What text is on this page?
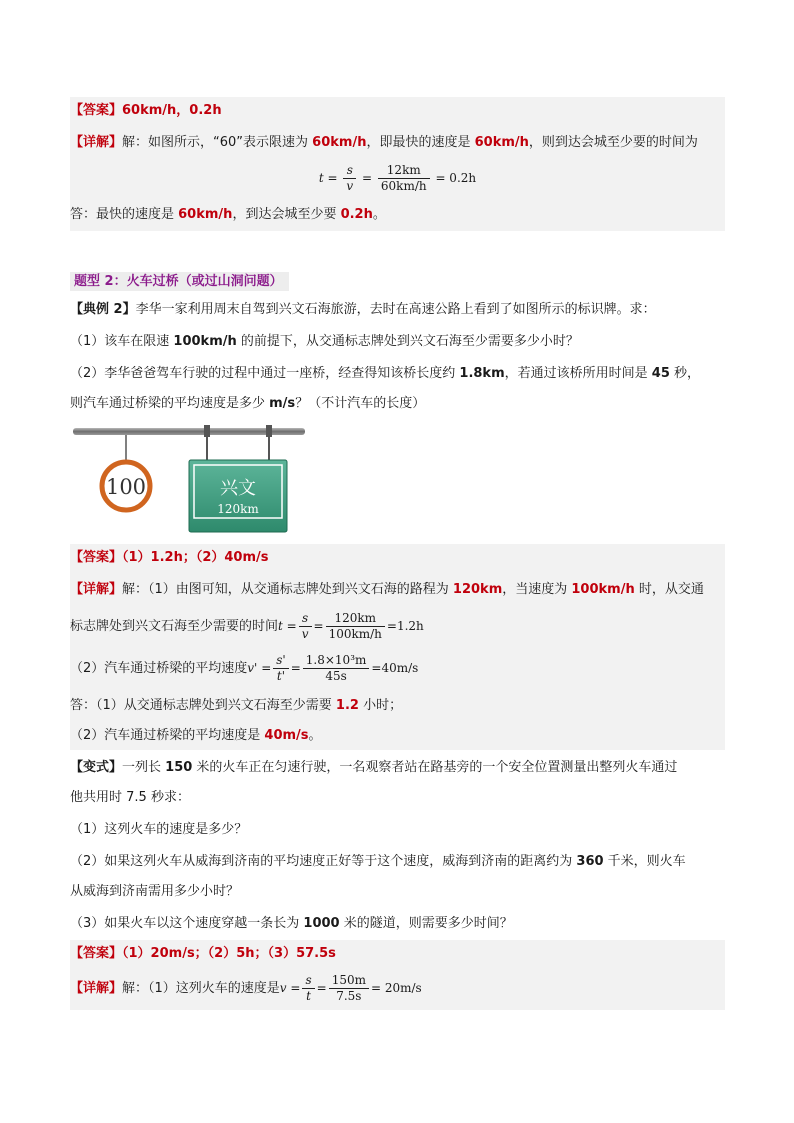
【答案】60km/h，0.2h
【详解】解：如图所示，“60”表示限速为 60km/h，即最快的速度是 60km/h，则到达会城至少要的时间为
$t = \frac{s}{v} = \frac{12km}{60km/h} = 0.2h$
答：最快的速度是 60km/h，到达会城至少要 0.2h。
题型 2：火车过桥（或过山洞问题）
【典例 2】李华一家利用周末自驾到兴文石海旅游，去时在高速公路上看到了如图所示的标识牌。求：
（1）该车在限速 100km/h 的前提下，从交通标志牌处到兴文石海至少需要多少小时？
（2）李华爸爸驾车行驶的过程中通过一座桥，经查得知该桥长度约 1.8km，若通过该桥所用时间是 45 秒，
则汽车通过桥梁的平均速度是多少 m/s？（不计汽车的长度）
100	兴文
120km
【答案】（1）1.2h；（2）40m/s
【详解】解：（1）由图可知，从交通标志牌处到兴文石海的路程为 120km，当速度为 100km/h 时，从交通
标志牌处到兴文石海至少需要的时间$t = \frac{s}{v} = \frac{120km}{100km/h} =1.2h$
（2）汽车通过桥梁的平均速度$v' = \frac{s'}{t'} = \frac{\text{1.8×10³m}}{45s} =40m/s$
答：（1）从交通标志牌处到兴文石海至少需要 1.2 小时；
（2）汽车通过桥梁的平均速度是 40m/s。
【变式】一列长 150 米的火车正在匀速行驶，一名观察者站在路基旁的一个安全位置测量出整列火车通过
他共用时 7.5 秒求：
（1）这列火车的速度是多少？
（2）如果这列火车从威海到济南的平均速度正好等于这个速度，威海到济南的距离约为 360 千米，则火车
从威海到济南需用多少小时？
（3）如果火车以这个速度穿越一条长为 1000 米的隧道，则需要多少时间？
【答案】（1）20m/s；（2）5h；（3）57.5s
【详解】解：（1）这列火车的速度是$v = \frac{s}{t} = \frac{150m}{7.5s} = 20m/s$
